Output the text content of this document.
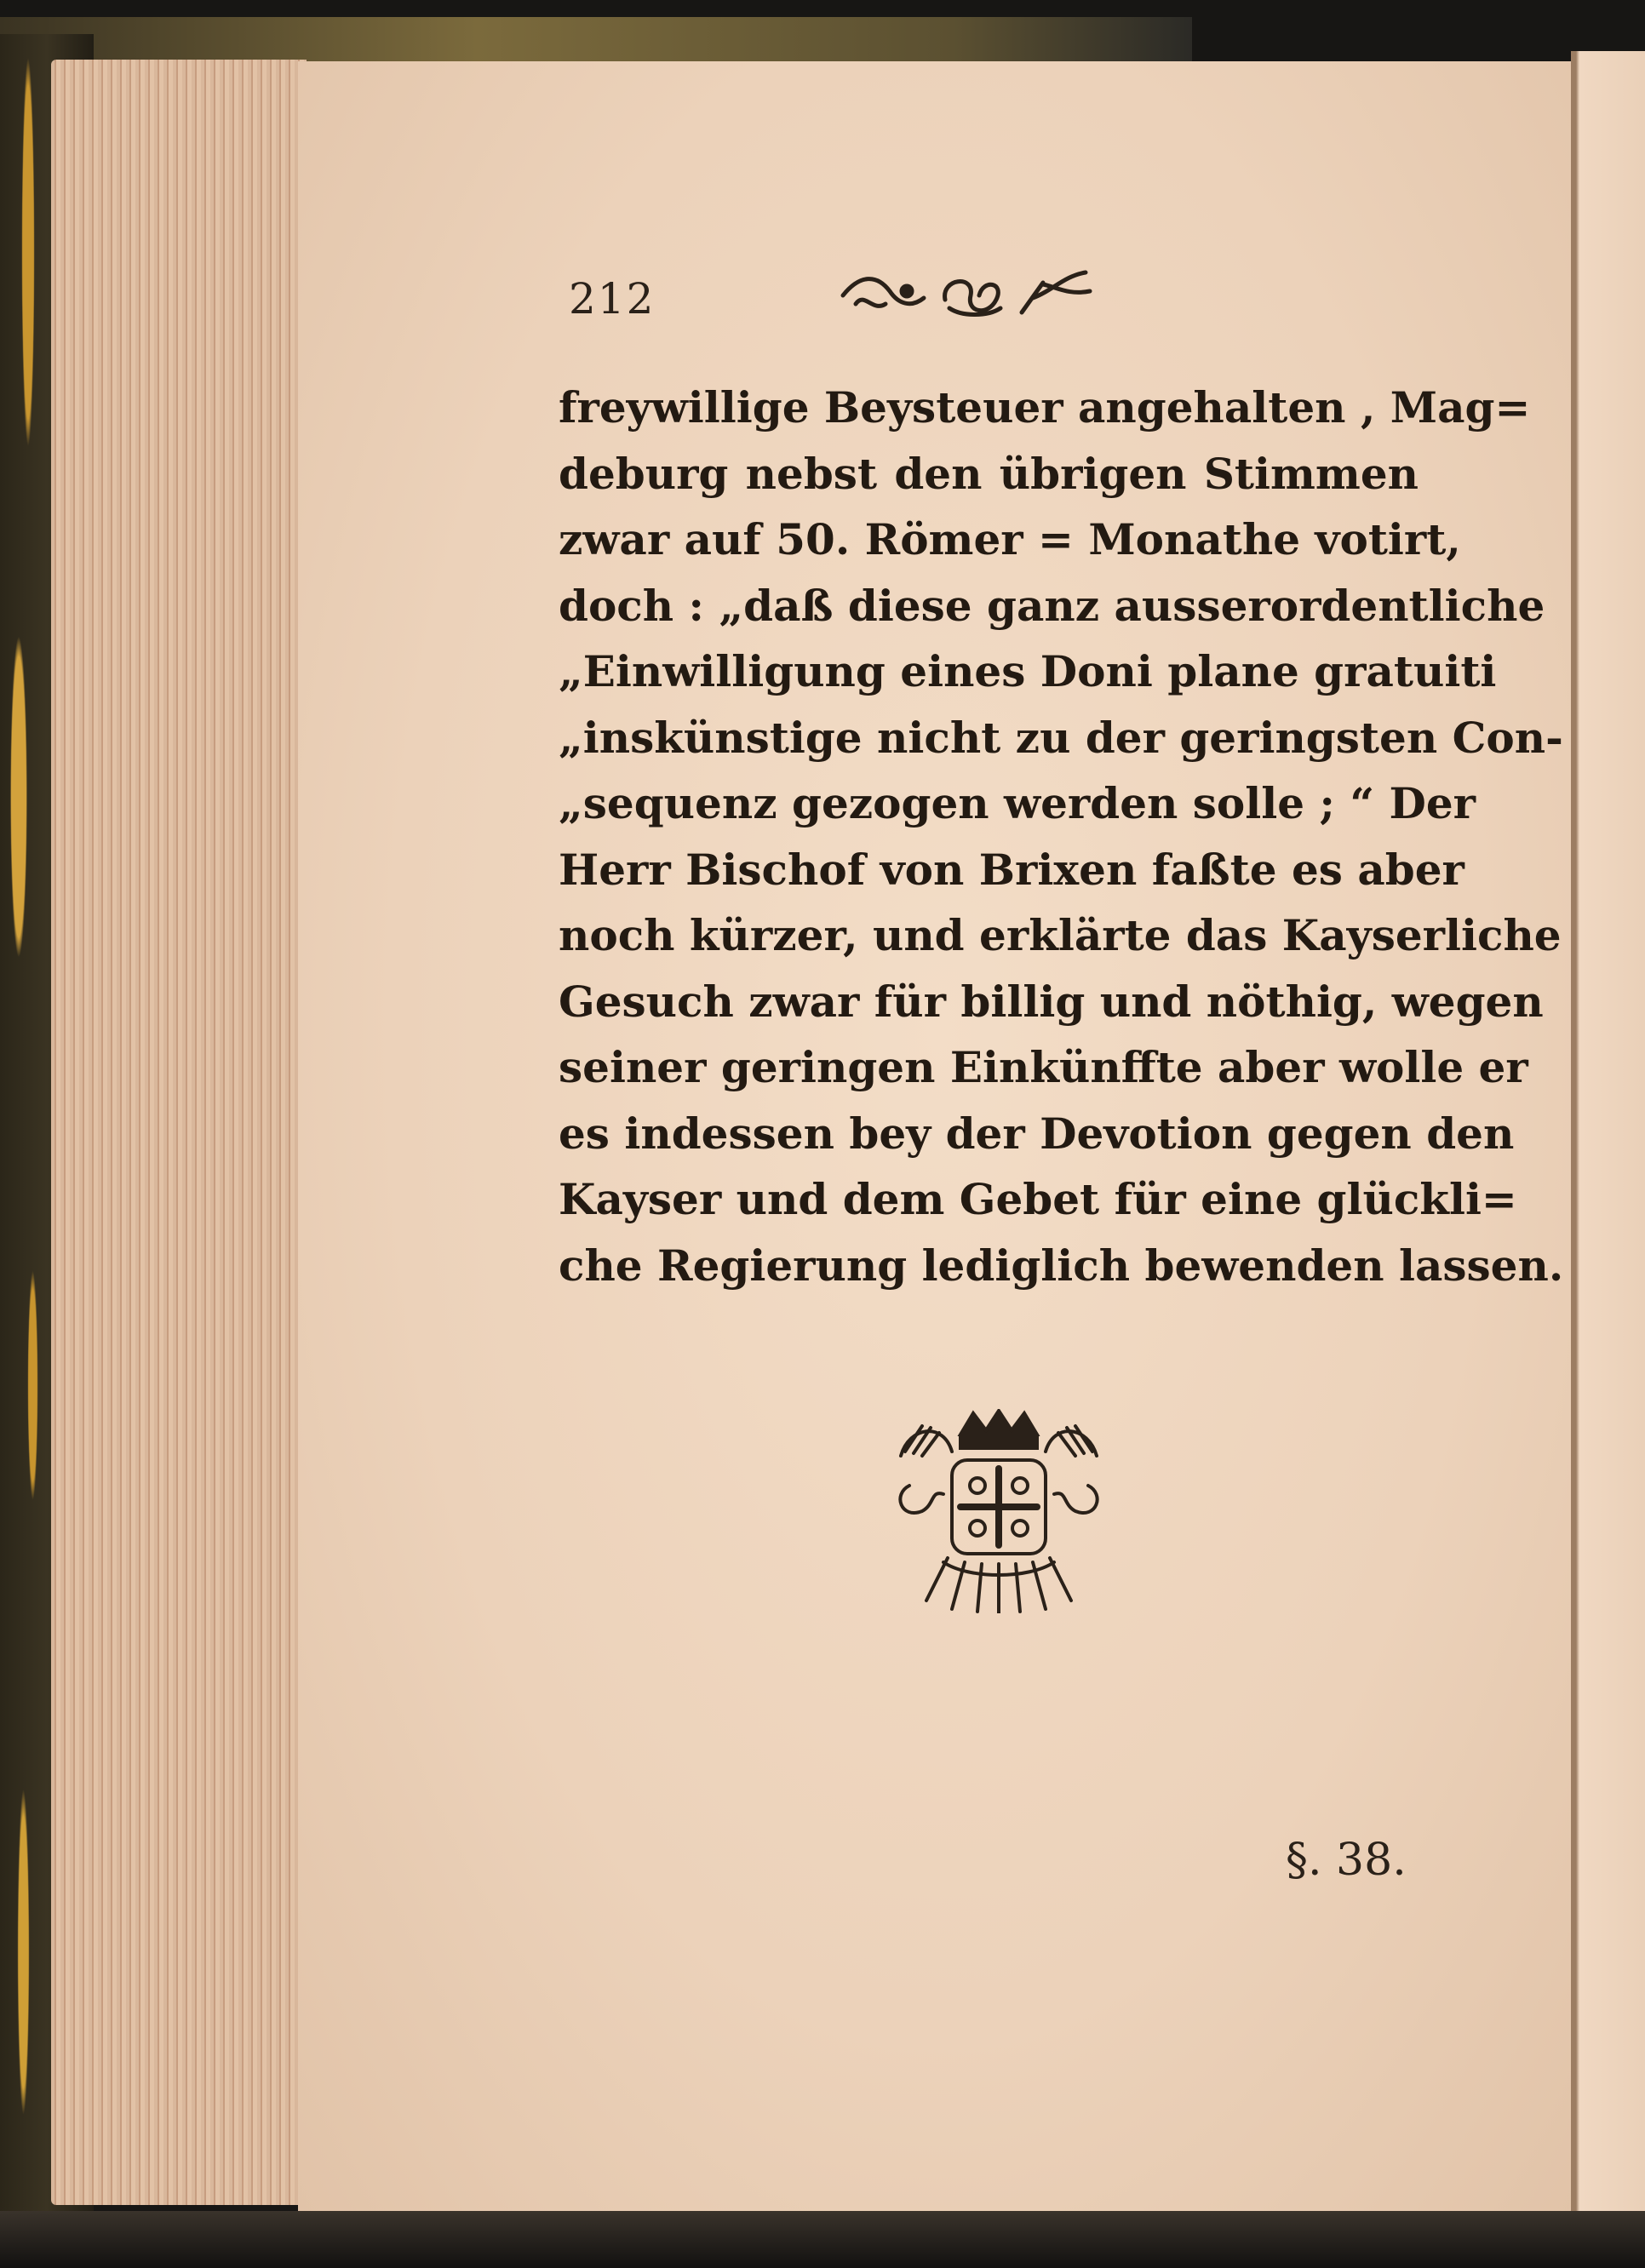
212
freywillige Beysteuer angehalten , Mag=
deburg nebst den übrigen Stimmen
zwar auf 50. Römer = Monathe votirt,
doch : „daß diese ganz ausserordentliche
„Einwilligung eines Doni plane gratuiti
„inskünstige nicht zu der geringsten Con-
„sequenz gezogen werden solle ; “ Der
Herr Bischof von Brixen faßte es aber
noch kürzer, und erklärte das Kayserliche
Gesuch zwar für billig und nöthig, wegen
seiner geringen Einkünffte aber wolle er
es indessen bey der Devotion gegen den
Kayser und dem Gebet für eine glückli=
che Regierung lediglich bewenden lassen.
§. 38.
